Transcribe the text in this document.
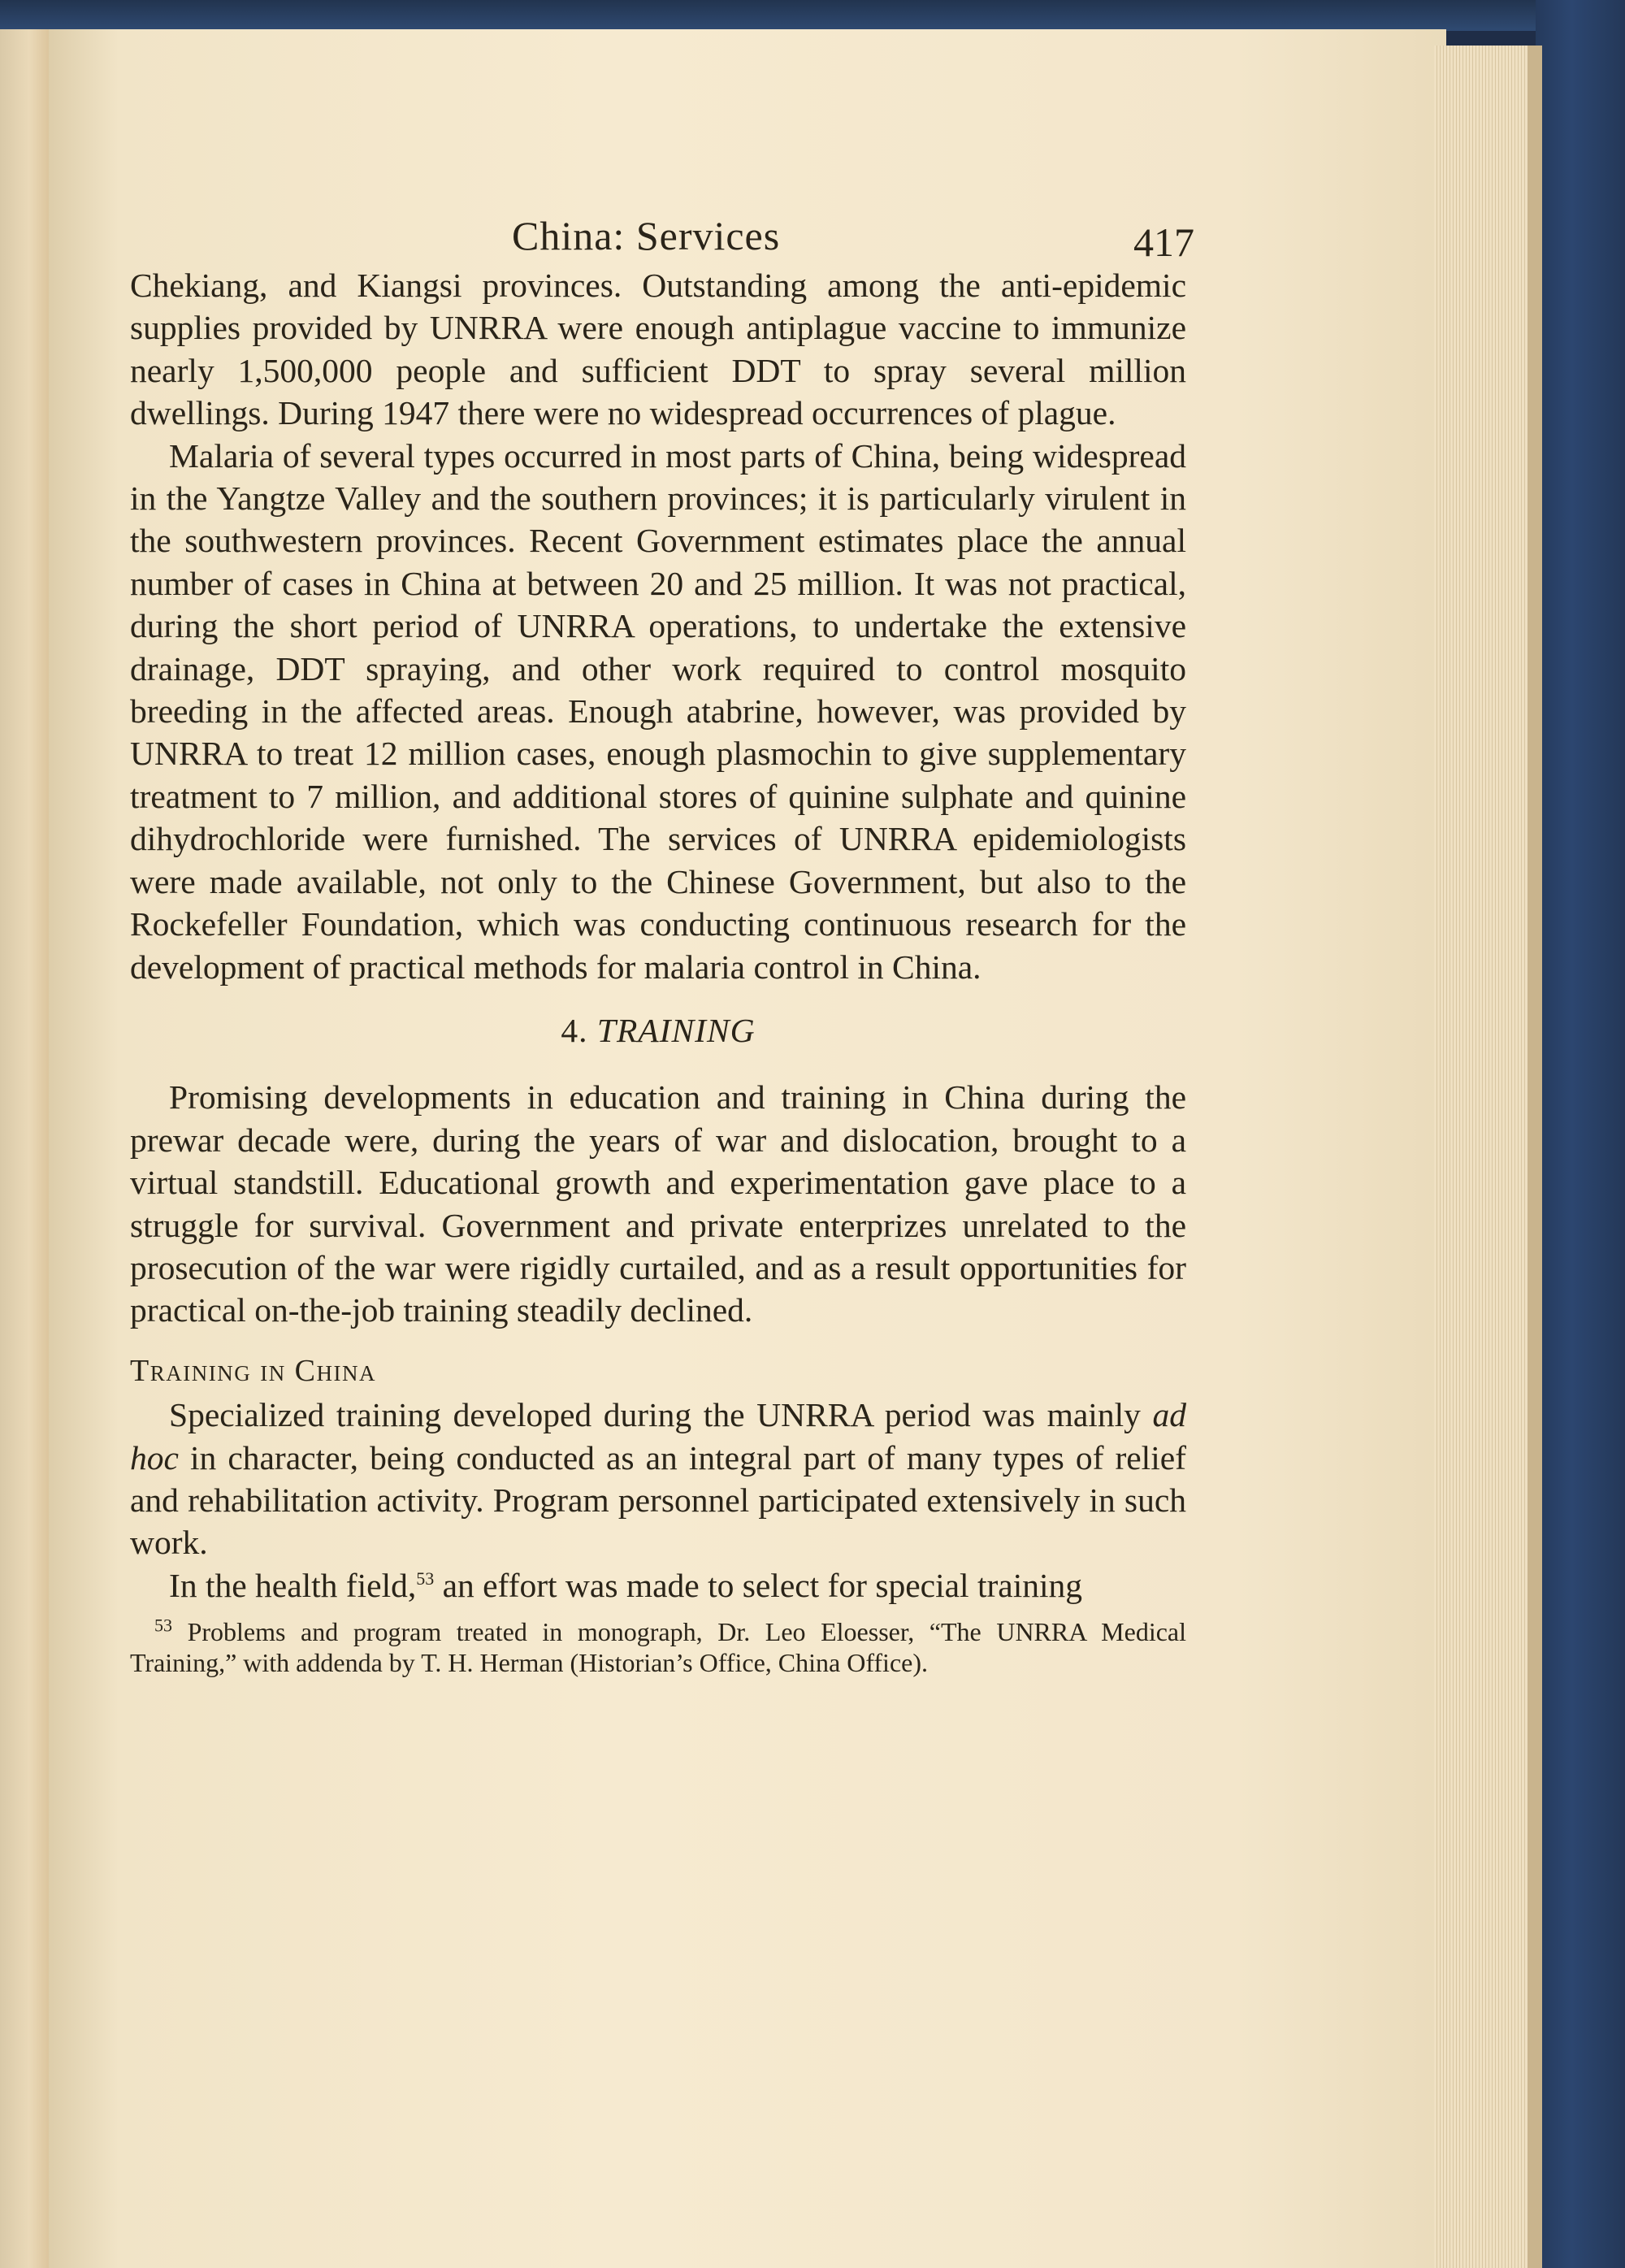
China: Services	417

Chekiang, and Kiangsi provinces. Outstanding among the anti-epidemic supplies provided by UNRRA were enough antiplague vaccine to immunize nearly 1,500,000 people and sufficient DDT to spray several million dwellings. During 1947 there were no widespread occurrences of plague.

Malaria of several types occurred in most parts of China, being widespread in the Yangtze Valley and the southern provinces; it is particularly virulent in the southwestern provinces. Recent Government estimates place the annual number of cases in China at between 20 and 25 million. It was not practical, during the short period of UNRRA operations, to undertake the extensive drainage, DDT spraying, and other work required to control mosquito breeding in the affected areas. Enough atabrine, however, was provided by UNRRA to treat 12 million cases, enough plasmochin to give supplementary treatment to 7 million, and additional stores of quinine sulphate and quinine dihydrochloride were furnished. The services of UNRRA epidemiologists were made available, not only to the Chinese Government, but also to the Rockefeller Foundation, which was conducting continuous research for the development of practical methods for malaria control in China.

4. TRAINING

Promising developments in education and training in China during the prewar decade were, during the years of war and dislocation, brought to a virtual standstill. Educational growth and experimentation gave place to a struggle for survival. Government and private enterprizes unrelated to the prosecution of the war were rigidly curtailed, and as a result opportunities for practical on-the-job training steadily declined.

Training in China

Specialized training developed during the UNRRA period was mainly ad hoc in character, being conducted as an integral part of many types of relief and rehabilitation activity. Program personnel participated extensively in such work.

In the health field,$^{53}$ an effort was made to select for special training

$^{53}$ Problems and program treated in monograph, Dr. Leo Eloesser, “The UNRRA Medical Training,” with addenda by T. H. Herman (Historian’s Office, China Office).
